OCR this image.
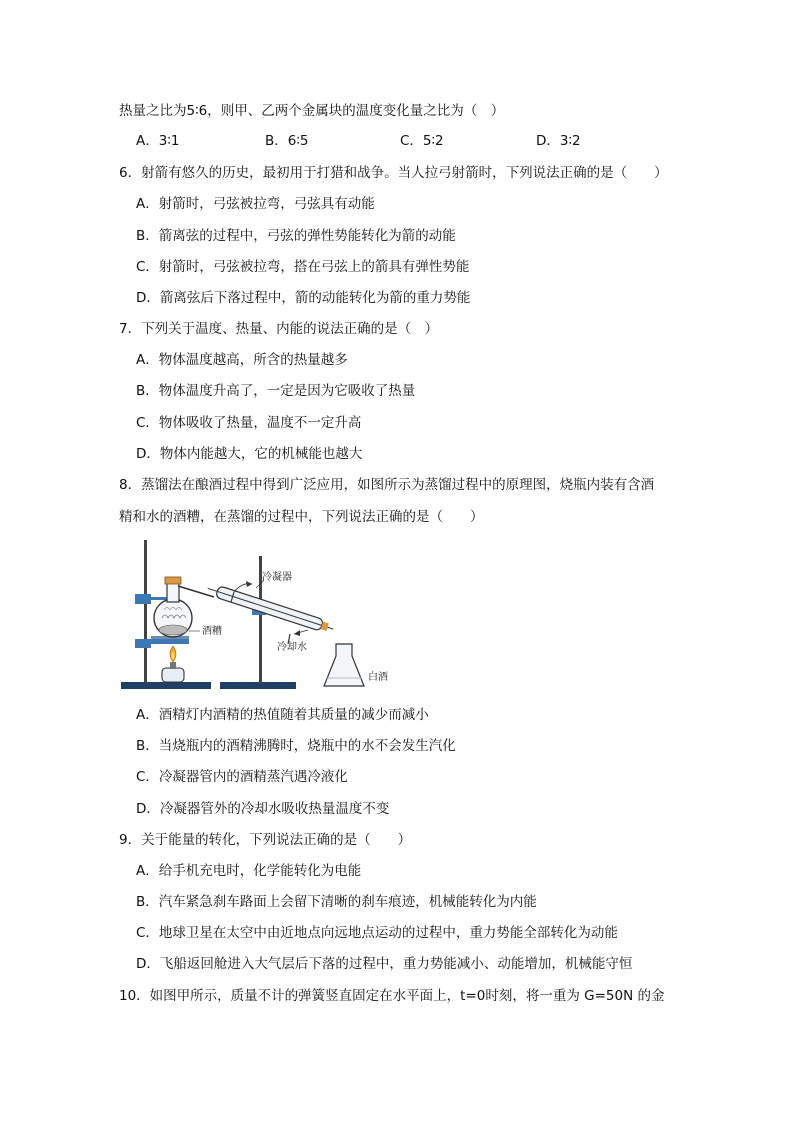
热量之比为5∶6，则甲、乙两个金属块的温度变化量之比为（　）
A．3∶1	B．6∶5	C．5∶2	D．3∶2
6．射箭有悠久的历史，最初用于打猎和战争。当人拉弓射箭时，下列说法正确的是（　　）
A．射箭时，弓弦被拉弯，弓弦具有动能
B．箭离弦的过程中，弓弦的弹性势能转化为箭的动能
C．射箭时，弓弦被拉弯，搭在弓弦上的箭具有弹性势能
D．箭离弦后下落过程中，箭的动能转化为箭的重力势能
7．下列关于温度、热量、内能的说法正确的是（　）
A．物体温度越高，所含的热量越多
B．物体温度升高了，一定是因为它吸收了热量
C．物体吸收了热量，温度不一定升高
D．物体内能越大，它的机械能也越大
8．蒸馏法在酿酒过程中得到广泛应用，如图所示为蒸馏过程中的原理图，烧瓶内装有含酒
精和水的酒糟，在蒸馏的过程中，下列说法正确的是（　　）
冷凝器
酒糟
冷却水
白酒
A．酒精灯内酒精的热值随着其质量的减少而减小
B．当烧瓶内的酒精沸腾时，烧瓶中的水不会发生汽化
C．冷凝器管内的酒精蒸汽遇冷液化
D．冷凝器管外的冷却水吸收热量温度不变
9．关于能量的转化，下列说法正确的是（　　）
A．给手机充电时，化学能转化为电能
B．汽车紧急刹车路面上会留下清晰的刹车痕迹，机械能转化为内能
C．地球卫星在太空中由近地点向远地点运动的过程中，重力势能全部转化为动能
D．飞船返回舱进入大气层后下落的过程中，重力势能减小、动能增加，机械能守恒
10．如图甲所示，质量不计的弹簧竖直固定在水平面上，t=0时刻，将一重为 G=50N 的金
